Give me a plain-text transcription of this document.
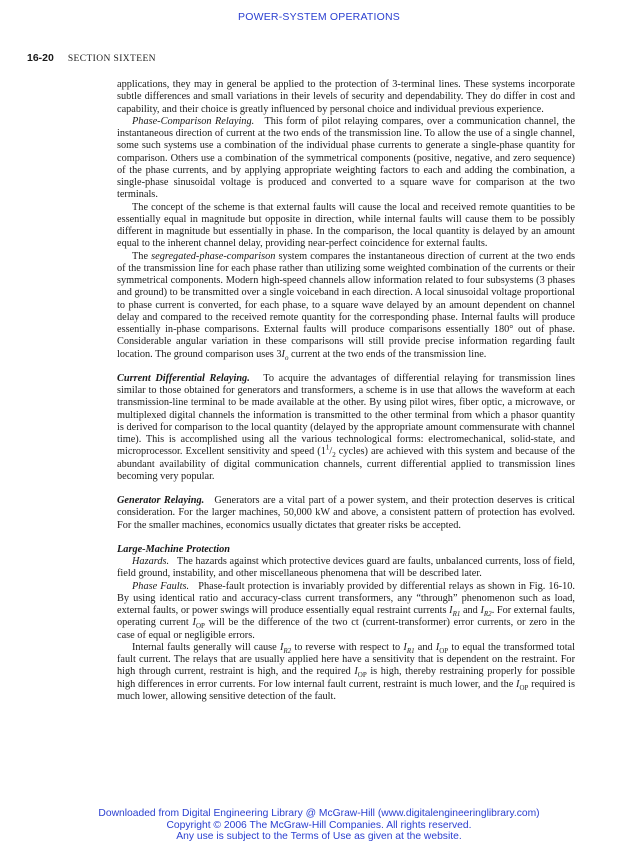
POWER-SYSTEM OPERATIONS
16-20 SECTION SIXTEEN

applications, they may in general be applied to the protection of 3-terminal lines. These systems incorporate subtle differences and small variations in their levels of security and dependability. They do differ in cost and capability, and their choice is greatly influenced by personal choice and individual previous experience.

Phase-Comparison Relaying. This form of pilot relaying compares, over a communication channel, the instantaneous direction of current at the two ends of the transmission line. To allow the use of a single channel, some such systems use a combination of the individual phase currents to generate a single-phase quantity for comparison. Others use a combination of the symmetrical components (positive, negative, and zero sequence) of the phase currents, and by applying appropriate weighting factors to each and adding the combination, a single-phase sinusoidal voltage is produced and converted to a square wave for comparison at the two terminals.

The concept of the scheme is that external faults will cause the local and received remote quantities to be essentially equal in magnitude but opposite in direction, while internal faults will cause them to be possibly different in magnitude but essentially in phase. In the comparison, the local quantity is delayed by an amount equal to the inherent channel delay, providing near-perfect coincidence for external faults.

The segregated-phase-comparison system compares the instantaneous direction of current at the two ends of the transmission line for each phase rather than utilizing some weighted combination of the currents or their symmetrical components. Modern high-speed channels allow information related to four subsystems (3 phases and ground) to be transmitted over a single voiceband in each direction. A local sinusoidal voltage proportional to phase current is converted, for each phase, to a square wave delayed by an amount dependent on channel delay and compared to the received remote quantity for the corresponding phase. Internal faults will produce essentially in-phase comparisons. External faults will produce comparisons essentially 180° out of phase. Considerable angular variation in these comparisons will still provide precise information regarding fault location. The ground comparison uses $3I_o$ current at the two ends of the transmission line.

Current Differential Relaying. To acquire the advantages of differential relaying for transmission lines similar to those obtained for generators and transformers, a scheme is in use that allows the waveform at each transmission-line terminal to be made available at the other. By using pilot wires, fiber optic, a microwave, or multiplexed digital channels the information is transmitted to the other terminal from which a phasor quantity is derived for comparison to the local quantity (delayed by the appropriate amount commensurate with channel time). This is accomplished using all the various technological forms: electromechanical, solid-state, and microprocessor. Excellent sensitivity and speed ($1^1/_2$ cycles) are achieved with this system and because of the abundant availability of digital communication channels, current differential applied to transmission lines becoming very popular.

Generator Relaying. Generators are a vital part of a power system, and their protection deserves is critical consideration. For the larger machines, 50,000 kW and above, a consistent pattern of protection has evolved. For the smaller machines, economics usually dictates that greater risks be accepted.

Large-Machine Protection

Hazards. The hazards against which protective devices guard are faults, unbalanced currents, loss of field, field ground, instability, and other miscellaneous phenomena that will be described later.

Phase Faults. Phase-fault protection is invariably provided by differential relays as shown in Fig. 16-10. By using identical ratio and accuracy-class current transformers, any “through” phenomenon such as load, external faults, or power swings will produce essentially equal restraint currents $I_{R1}$ and $I_{R2}$. For external faults, operating current $I_{OP}$ will be the difference of the two ct (current-transformer) error currents, or zero in the case of equal or negligible errors.

Internal faults generally will cause $I_{R2}$ to reverse with respect to $I_{R1}$ and $I_{OP}$ to equal the transformed total fault current. The relays that are usually applied here have a sensitivity that is dependent on the restraint. For high through current, restraint is high, and the required $I_{OP}$ is high, thereby restraining properly for possible high differences in error currents. For low internal fault current, restraint is much lower, and the $I_{OP}$ required is much lower, allowing sensitive detection of the fault.

Downloaded from Digital Engineering Library @ McGraw-Hill (www.digitalengineeringlibrary.com)
Copyright © 2006 The McGraw-Hill Companies. All rights reserved.
Any use is subject to the Terms of Use as given at the website.
